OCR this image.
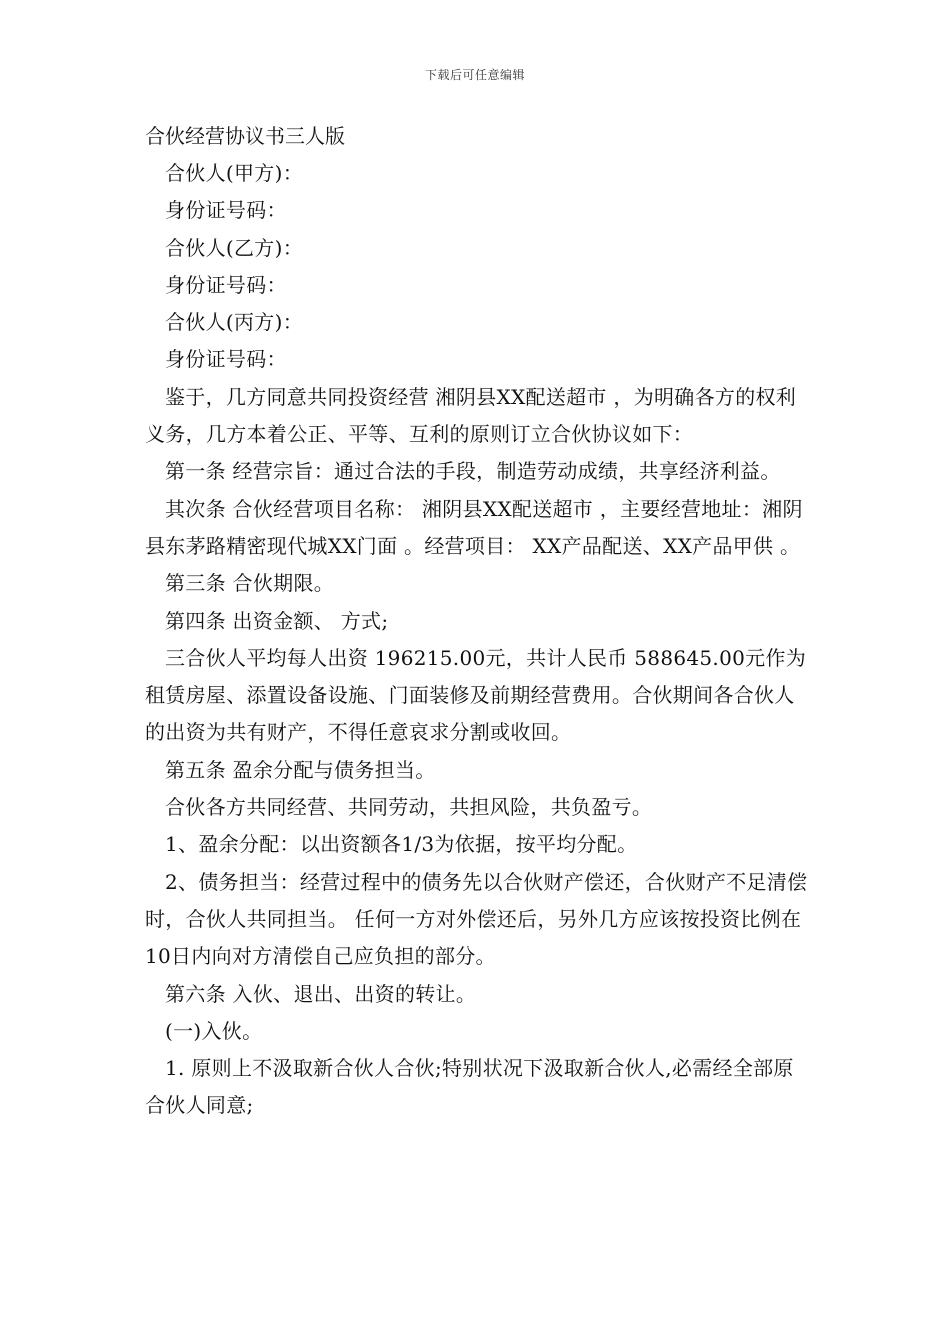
下载后可任意编辑
合伙经营协议书三人版

合伙人(甲方)：

身份证号码：

合伙人(乙方)：

身份证号码：

合伙人(丙方)：

身份证号码：

鉴于，几方同意共同投资经营 湘阴县XX配送超市 ，为明确各方的权利义务，几方本着公正、平等、互利的原则订立合伙协议如下：

第一条 经营宗旨：通过合法的手段，制造劳动成绩，共享经济利益。

其次条 合伙经营项目名称： 湘阴县XX配送超市 ，主要经营地址：湘阴县东茅路精密现代城XX门面 。经营项目： XX产品配送、XX产品甲供 。

第三条 合伙期限。

第四条 出资金额、 方式;

三合伙人平均每人出资 196215.00元，共计人民币 588645.00元作为租赁房屋、添置设备设施、门面装修及前期经营费用。合伙期间各合伙人的出资为共有财产，不得任意哀求分割或收回。

第五条 盈余分配与债务担当。

合伙各方共同经营、共同劳动，共担风险，共负盈亏。

1、盈余分配：以出资额各1/3为依据，按平均分配。

2、债务担当：经营过程中的债务先以合伙财产偿还，合伙财产不足清偿时，合伙人共同担当。 任何一方对外偿还后，另外几方应该按投资比例在10日内向对方清偿自己应负担的部分。

第六条 入伙、退出、出资的转让。

(一)入伙。

1. 原则上不汲取新合伙人合伙;特别状况下汲取新合伙人,必需经全部原合伙人同意;
